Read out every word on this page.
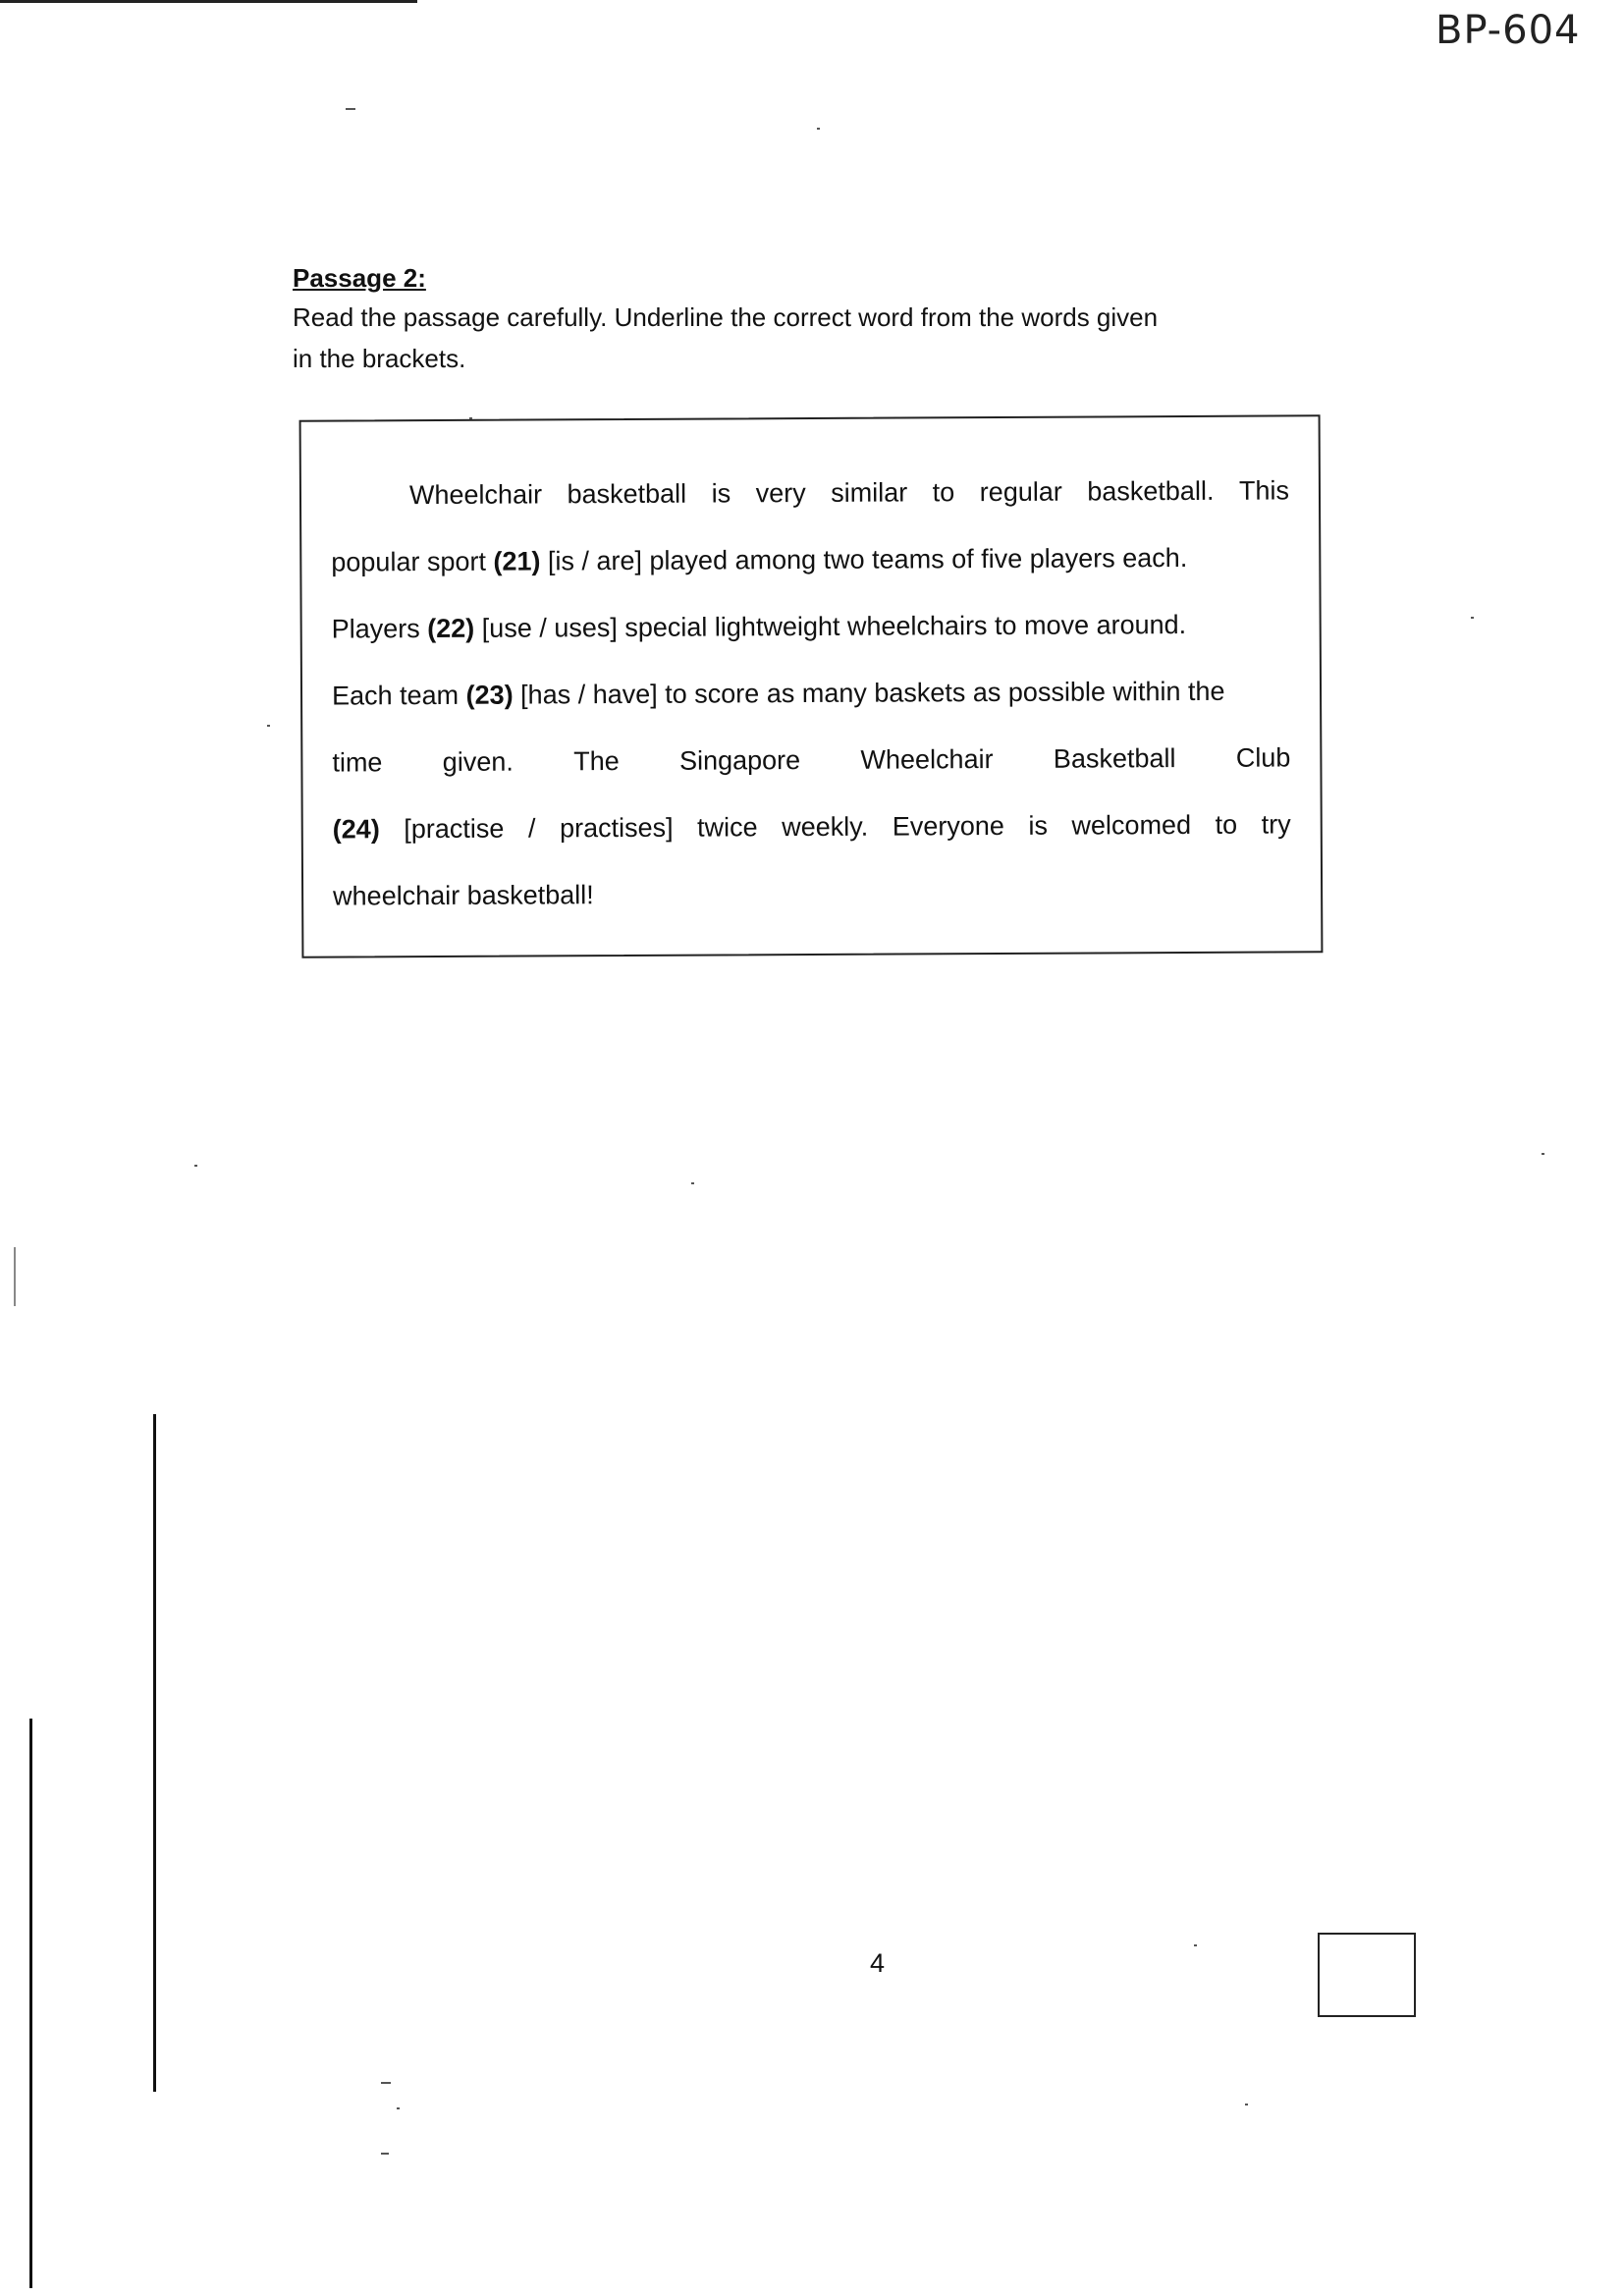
BP-604
Passage 2:
Read the passage carefully. Underline the correct word from the words given
in the brackets.
Wheelchair basketball is very similar to regular basketball. This
popular sport (21) [is / are] played among two teams of five players each.
Players (22) [use / uses] special lightweight wheelchairs to move around.
Each team (23) [has / have] to score as many baskets as possible within the
time given. The Singapore Wheelchair Basketball Club
(24) [practise / practises] twice weekly. Everyone is welcomed to try
wheelchair basketball!
4
